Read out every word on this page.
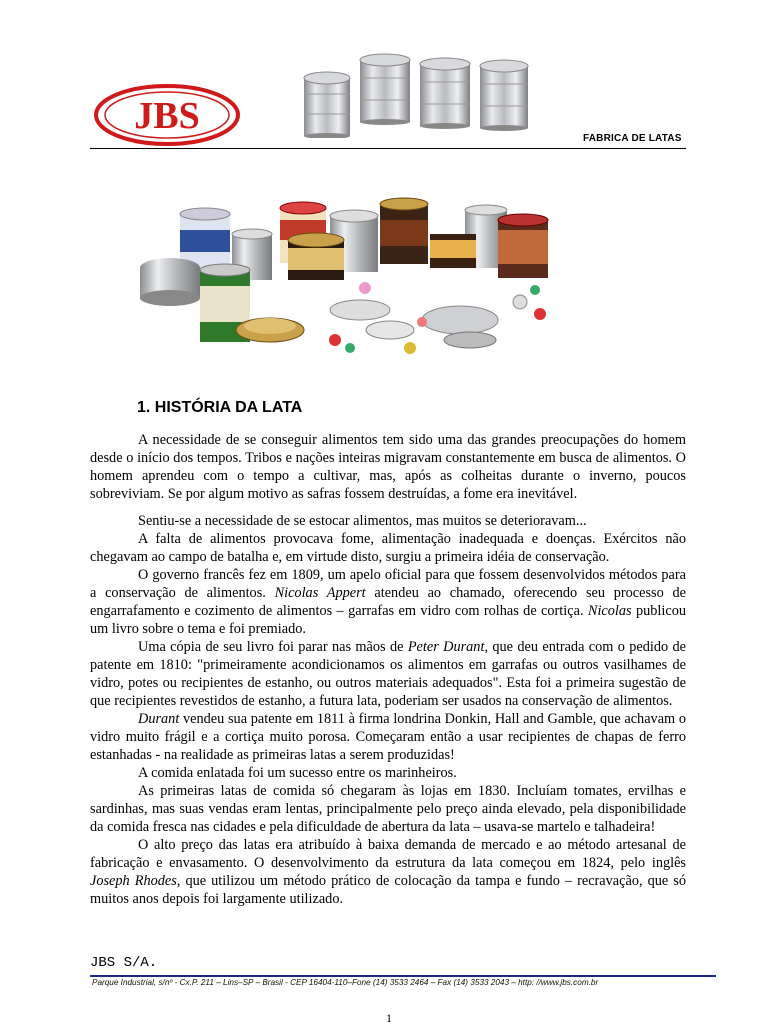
JBS
FABRICA DE LATAS
1. HISTÓRIA DA LATA

A necessidade de se conseguir alimentos tem sido uma das grandes preocupações do homem desde o início dos tempos. Tribos e nações inteiras migravam constantemente em busca de alimentos. O homem aprendeu com o tempo a cultivar, mas, após as colheitas durante o inverno, poucos sobreviviam. Se por algum motivo as safras fossem destruídas, a fome era inevitável.

Sentiu-se a necessidade de se estocar alimentos, mas muitos se deterioravam...

A falta de alimentos provocava fome, alimentação inadequada e doenças. Exércitos não chegavam ao campo de batalha e, em virtude disto, surgiu a primeira idéia de conservação.

O governo francês fez em 1809, um apelo oficial para que fossem desenvolvidos métodos para a conservação de alimentos. Nicolas Appert atendeu ao chamado, oferecendo seu processo de engarrafamento e cozimento de alimentos – garrafas em vidro com rolhas de cortiça. Nicolas publicou um livro sobre o tema e foi premiado.

Uma cópia de seu livro foi parar nas mãos de Peter Durant, que deu entrada com o pedido de patente em 1810: "primeiramente acondicionamos os alimentos em garrafas ou outros vasilhames de vidro, potes ou recipientes de estanho, ou outros materiais adequados". Esta foi a primeira sugestão de que recipientes revestidos de estanho, a futura lata, poderiam ser usados na conservação de alimentos.

Durant vendeu sua patente em 1811 à firma londrina Donkin, Hall and Gamble, que achavam o vidro muito frágil e a cortiça muito porosa. Começaram então a usar recipientes de chapas de ferro estanhadas - na realidade as primeiras latas a serem produzidas!

A comida enlatada foi um sucesso entre os marinheiros.

As primeiras latas de comida só chegaram às lojas em 1830. Incluíam tomates, ervilhas e sardinhas, mas suas vendas eram lentas, principalmente pelo preço ainda elevado, pela disponibilidade da comida fresca nas cidades e pela dificuldade de abertura da lata – usava-se martelo e talhadeira!

O alto preço das latas era atribuído à baixa demanda de mercado e ao método artesanal de fabricação e envasamento. O desenvolvimento da estrutura da lata começou em 1824, pelo inglês Joseph Rhodes, que utilizou um método prático de colocação da tampa e fundo – recravação, que só muitos anos depois foi largamente utilizado.

JBS S/A.
Parque Industrial, s/nº - Cx.P. 211 – Lins–SP – Brasil - CEP 16404-110–Fone (14) 3533 2464 – Fax (14) 3533 2043 – http: //www.jbs.com.br
1
